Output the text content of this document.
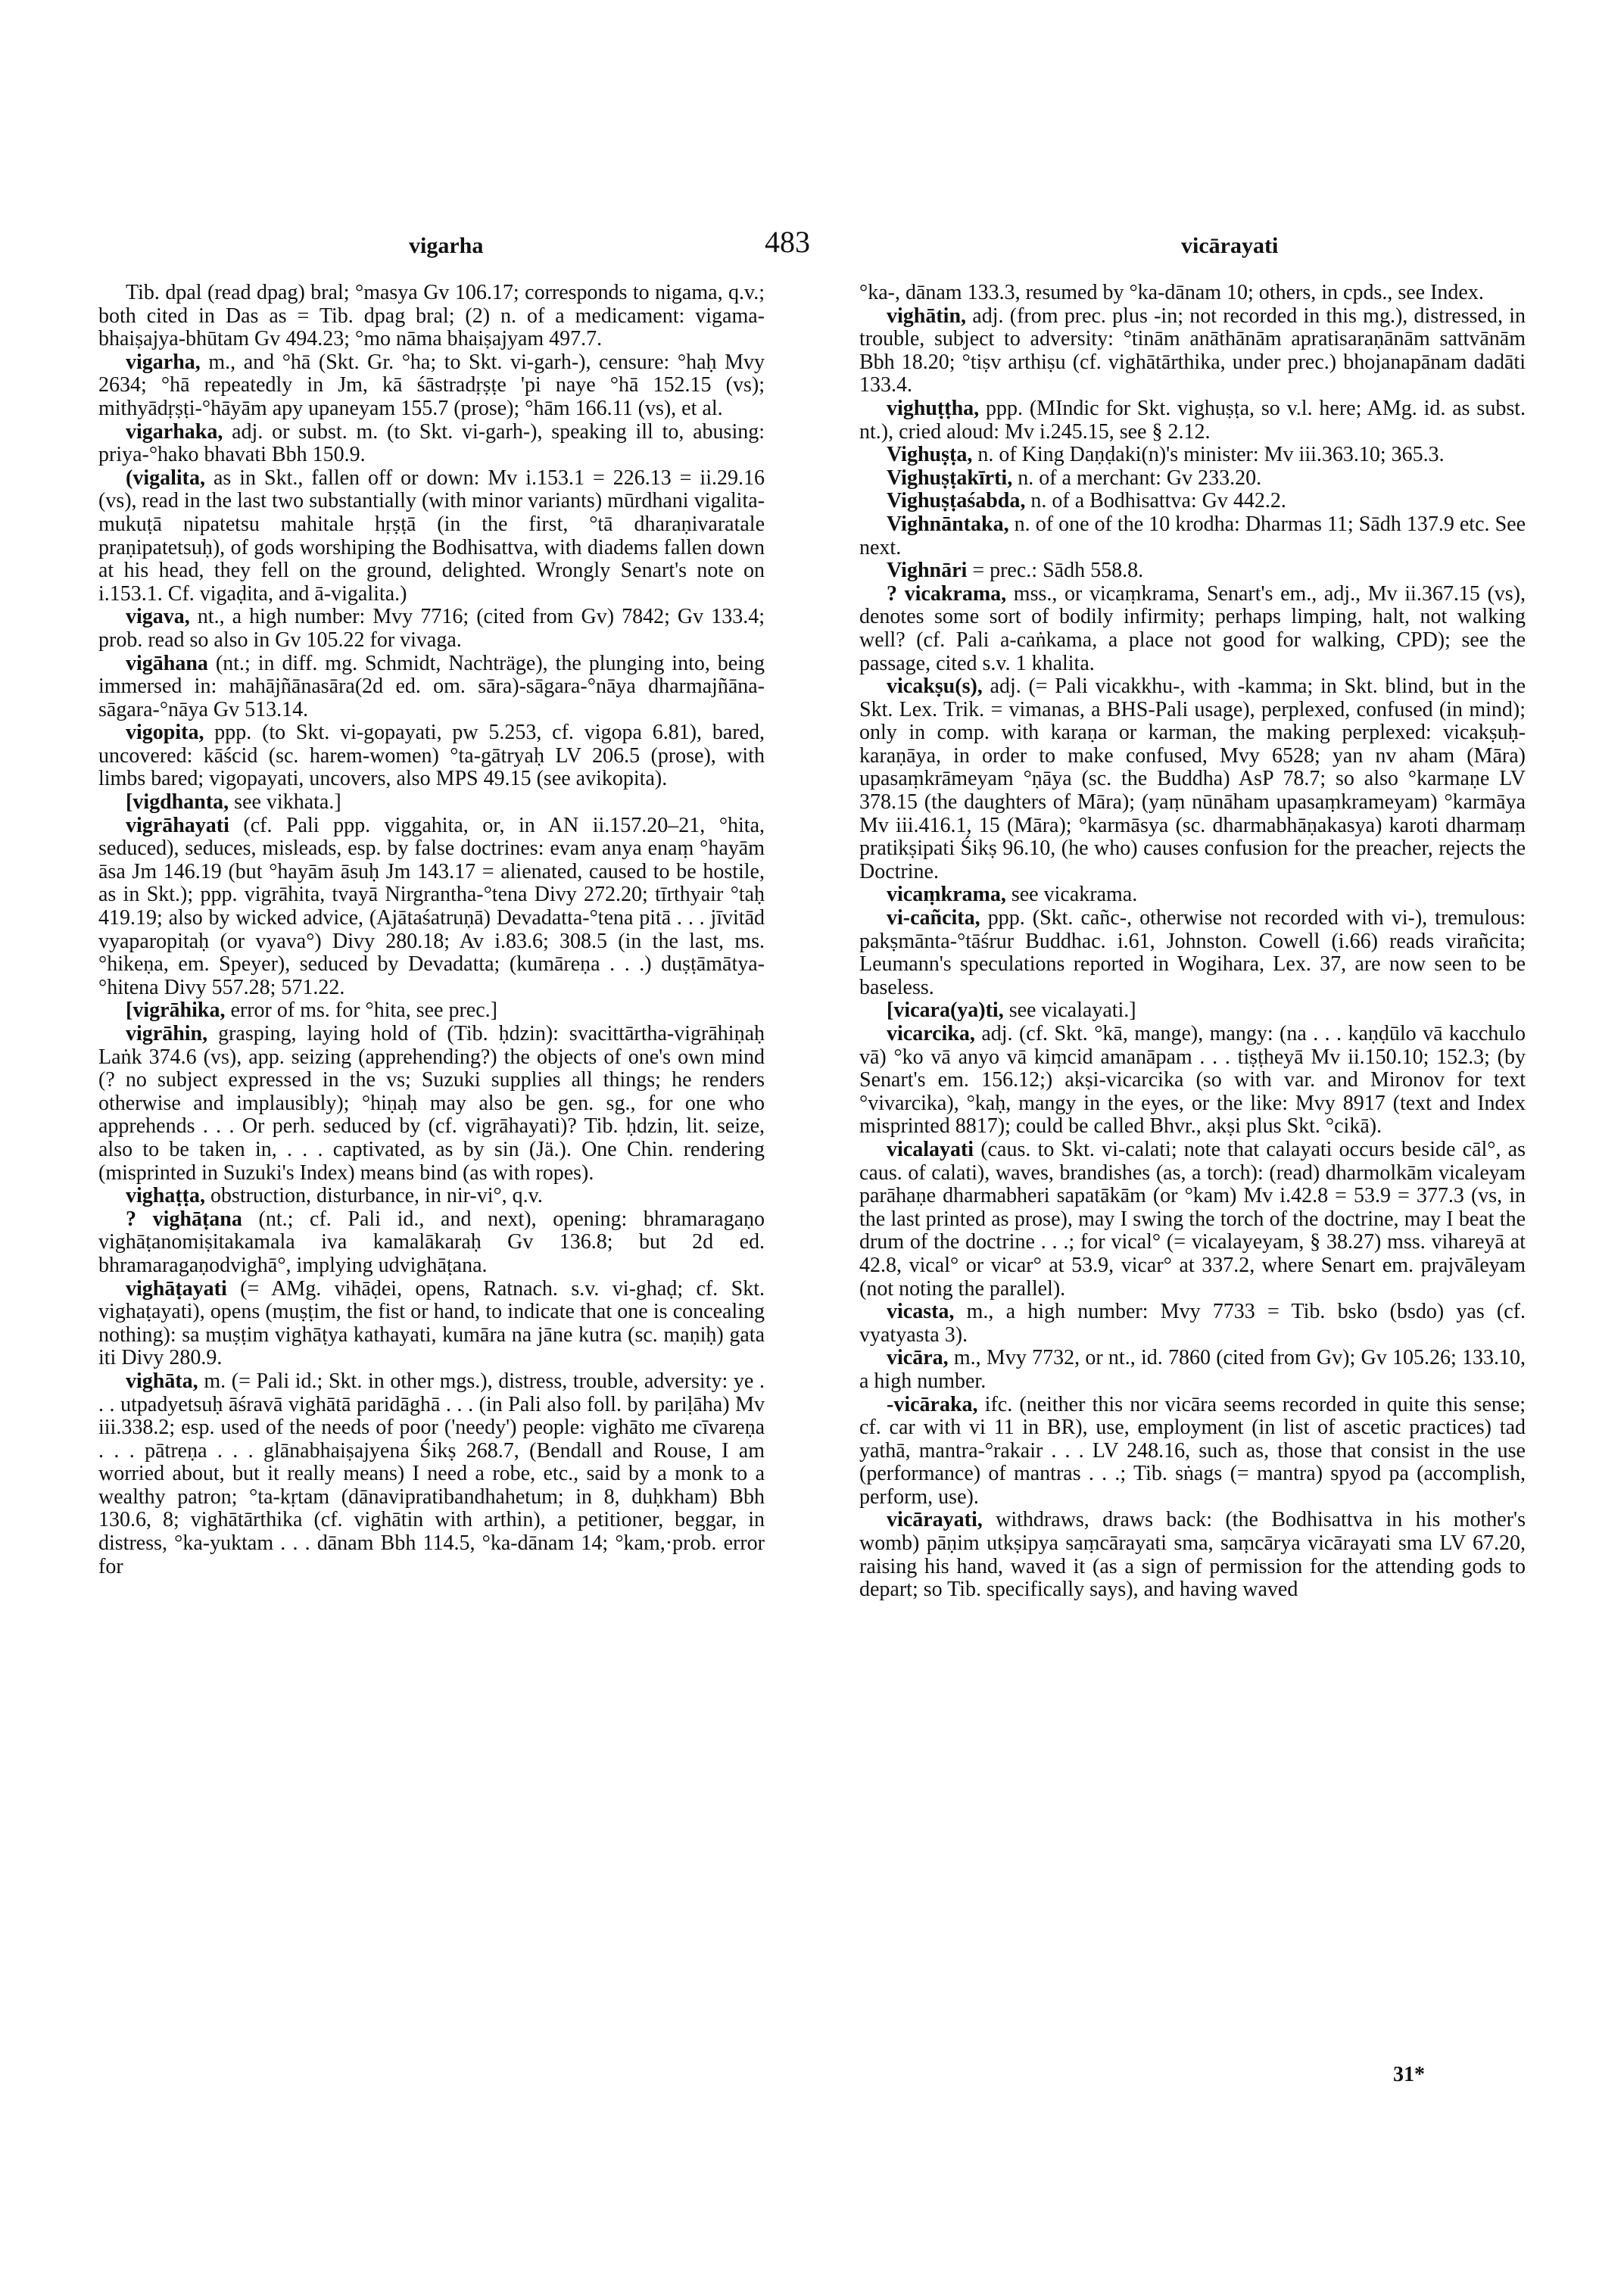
vigarha	483	vicārayati

Tib. dpal (read dpag) bral; °masya Gv 106.17; corresponds to nigama, q.v.; both cited in Das as = Tib. dpag bral; (2) n. of a medicament: vigama-bhaiṣajya-bhūtam Gv 494.23; °mo nāma bhaiṣajyam 497.7.

vigarha, m., and °hā (Skt. Gr. °ha; to Skt. vi-garh-), censure: °haḥ Mvy 2634; °hā repeatedly in Jm, kā śāstradṛṣṭe 'pi naye °hā 152.15 (vs); mithyādṛṣṭi-°hāyām apy upaneyam 155.7 (prose); °hām 166.11 (vs), et al.

vigarhaka, adj. or subst. m. (to Skt. vi-garh-), speaking ill to, abusing: priya-°hako bhavati Bbh 150.9.

(vigalita, as in Skt., fallen off or down: Mv i.153.1 = 226.13 = ii.29.16 (vs), read in the last two substantially (with minor variants) mūrdhani vigalita-mukuṭā nipatetsu mahitale hṛṣṭā (in the first, °tā dharaṇivaratale praṇipatetsuḥ), of gods worshiping the Bodhisattva, with diadems fallen down at his head, they fell on the ground, delighted. Wrongly Senart's note on i.153.1. Cf. vigaḍita, and ā-vigalita.)

vigava, nt., a high number: Mvy 7716; (cited from Gv) 7842; Gv 133.4; prob. read so also in Gv 105.22 for vivaga.

vigāhana (nt.; in diff. mg. Schmidt, Nachträge), the plunging into, being immersed in: mahājñānasāra(2d ed. om. sāra)-sāgara-°nāya dharmajñāna-sāgara-°nāya Gv 513.14.

vigopita, ppp. (to Skt. vi-gopayati, pw 5.253, cf. vigopa 6.81), bared, uncovered: kāścid (sc. harem-women) °ta-gātryaḥ LV 206.5 (prose), with limbs bared; vigopayati, uncovers, also MPS 49.15 (see avikopita).

[vigdhanta, see vikhata.]

vigrāhayati (cf. Pali ppp. viggahita, or, in AN ii.157.20–21, °hita, seduced), seduces, misleads, esp. by false doctrines: evam anya enaṃ °hayām āsa Jm 146.19 (but °hayām āsuḥ Jm 143.17 = alienated, caused to be hostile, as in Skt.); ppp. vigrāhita, tvayā Nirgrantha-°tena Divy 272.20; tīrthyair °taḥ 419.19; also by wicked advice, (Ajātaśatruṇā) Devadatta-°tena pitā . . . jīvitād vyaparopitaḥ (or vyava°) Divy 280.18; Av i.83.6; 308.5 (in the last, ms. °hikeṇa, em. Speyer), seduced by Devadatta; (kumāreṇa . . .) duṣṭāmātya-°hitena Divy 557.28; 571.22.

[vigrāhika, error of ms. for °hita, see prec.]

vigrāhin, grasping, laying hold of (Tib. ḥdzin): svacittārtha-vigrāhiṇaḥ Laṅk 374.6 (vs), app. seizing (apprehending?) the objects of one's own mind (? no subject expressed in the vs; Suzuki supplies all things; he renders otherwise and implausibly); °hiṇaḥ may also be gen. sg., for one who apprehends . . . Or perh. seduced by (cf. vigrāhayati)? Tib. ḥdzin, lit. seize, also to be taken in, . . . captivated, as by sin (Jä.). One Chin. rendering (misprinted in Suzuki's Index) means bind (as with ropes).

vighaṭṭa, obstruction, disturbance, in nir-vi°, q.v.

? vighāṭana (nt.; cf. Pali id., and next), opening: bhramaragaṇo vighāṭanomiṣitakamala iva kamalākaraḥ Gv 136.8; but 2d ed. bhramaragaṇodvighā°, implying udvighāṭana.

vighāṭayati (= AMg. vihāḍei, opens, Ratnach. s.v. vi-ghaḍ; cf. Skt. vighaṭayati), opens (muṣṭim, the fist or hand, to indicate that one is concealing nothing): sa muṣṭim vighāṭya kathayati, kumāra na jāne kutra (sc. maṇiḥ) gata iti Divy 280.9.

vighāta, m. (= Pali id.; Skt. in other mgs.), distress, trouble, adversity: ye . . . utpadyetsuḥ āśravā vighātā paridāghā . . . (in Pali also foll. by pariḷāha) Mv iii.338.2; esp. used of the needs of poor ('needy') people: vighāto me cīvareṇa . . . pātreṇa . . . glānabhaiṣajyena Śikṣ 268.7, (Bendall and Rouse, I am worried about, but it really means) I need a robe, etc., said by a monk to a wealthy patron; °ta-kṛtam (dānavipratibandhahetum; in 8, duḥkham) Bbh 130.6, 8; vighātārthika (cf. vighātin with arthin), a petitioner, beggar, in distress, °ka-yuktam . . . dānam Bbh 114.5, °ka-dānam 14; °kam,·prob. error for

°ka-, dānam 133.3, resumed by °ka-dānam 10; others, in cpds., see Index.

vighātin, adj. (from prec. plus -in; not recorded in this mg.), distressed, in trouble, subject to adversity: °tinām anāthānām apratisaraṇānām sattvānām Bbh 18.20; °tiṣv arthiṣu (cf. vighātārthika, under prec.) bhojanapānam dadāti 133.4.

vighuṭṭha, ppp. (MIndic for Skt. vighuṣṭa, so v.l. here; AMg. id. as subst. nt.), cried aloud: Mv i.245.15, see § 2.12.

Vighuṣṭa, n. of King Daṇḍaki(n)'s minister: Mv iii.363.10; 365.3.

Vighuṣṭakīrti, n. of a merchant: Gv 233.20.

Vighuṣṭaśabda, n. of a Bodhisattva: Gv 442.2.

Vighnāntaka, n. of one of the 10 krodha: Dharmas 11; Sādh 137.9 etc. See next.

Vighnāri = prec.: Sādh 558.8.

? vicakrama, mss., or vicaṃkrama, Senart's em., adj., Mv ii.367.15 (vs), denotes some sort of bodily infirmity; perhaps limping, halt, not walking well? (cf. Pali a-caṅkama, a place not good for walking, CPD); see the passage, cited s.v. 1 khalita.

vicakṣu(s), adj. (= Pali vicakkhu-, with -kamma; in Skt. blind, but in the Skt. Lex. Trik. = vimanas, a BHS-Pali usage), perplexed, confused (in mind); only in comp. with karaṇa or karman, the making perplexed: vicakṣuḥ-karaṇāya, in order to make confused, Mvy 6528; yan nv aham (Māra) upasaṃkrāmeyam °ṇāya (sc. the Buddha) AsP 78.7; so also °karmaṇe LV 378.15 (the daughters of Māra); (yaṃ nūnāham upasaṃkrameyam) °karmāya Mv iii.416.1, 15 (Māra); °karmāsya (sc. dharmabhāṇakasya) karoti dharmaṃ pratikṣipati Śikṣ 96.10, (he who) causes confusion for the preacher, rejects the Doctrine.

vicaṃkrama, see vicakrama.

vi-cañcita, ppp. (Skt. cañc-, otherwise not recorded with vi-), tremulous: pakṣmānta-°tāśrur Buddhac. i.61, Johnston. Cowell (i.66) reads virañcita; Leumann's speculations reported in Wogihara, Lex. 37, are now seen to be baseless.

[vicara(ya)ti, see vicalayati.]

vicarcika, adj. (cf. Skt. °kā, mange), mangy: (na . . . kaṇḍūlo vā kacchulo vā) °ko vā anyo vā kiṃcid amanāpam . . . tiṣṭheyā Mv ii.150.10; 152.3; (by Senart's em. 156.12;) akṣi-vicarcika (so with var. and Mironov for text °vivarcika), °kaḥ, mangy in the eyes, or the like: Mvy 8917 (text and Index misprinted 8817); could be called Bhvr., akṣi plus Skt. °cikā).

vicalayati (caus. to Skt. vi-calati; note that calayati occurs beside cāl°, as caus. of calati), waves, brandishes (as, a torch): (read) dharmolkām vicaleyam parāhaṇe dharmabheri sapatākām (or °kam) Mv i.42.8 = 53.9 = 377.3 (vs, in the last printed as prose), may I swing the torch of the doctrine, may I beat the drum of the doctrine . . .; for vical° (= vicalayeyam, § 38.27) mss. vihareyā at 42.8, vical° or vicar° at 53.9, vicar° at 337.2, where Senart em. prajvāleyam (not noting the parallel).

vicasta, m., a high number: Mvy 7733 = Tib. bsko (bsdo) yas (cf. vyatyasta 3).

vicāra, m., Mvy 7732, or nt., id. 7860 (cited from Gv); Gv 105.26; 133.10, a high number.

-vicāraka, ifc. (neither this nor vicāra seems recorded in quite this sense; cf. car with vi 11 in BR), use, employment (in list of ascetic practices) tad yathā, mantra-°rakair . . . LV 248.16, such as, those that consist in the use (performance) of mantras . . .; Tib. sṅags (= mantra) spyod pa (accomplish, perform, use).

vicārayati, withdraws, draws back: (the Bodhisattva in his mother's womb) pāṇim utkṣipya saṃcārayati sma, saṃcārya vicārayati sma LV 67.20, raising his hand, waved it (as a sign of permission for the attending gods to depart; so Tib. specifically says), and having waved

31*
